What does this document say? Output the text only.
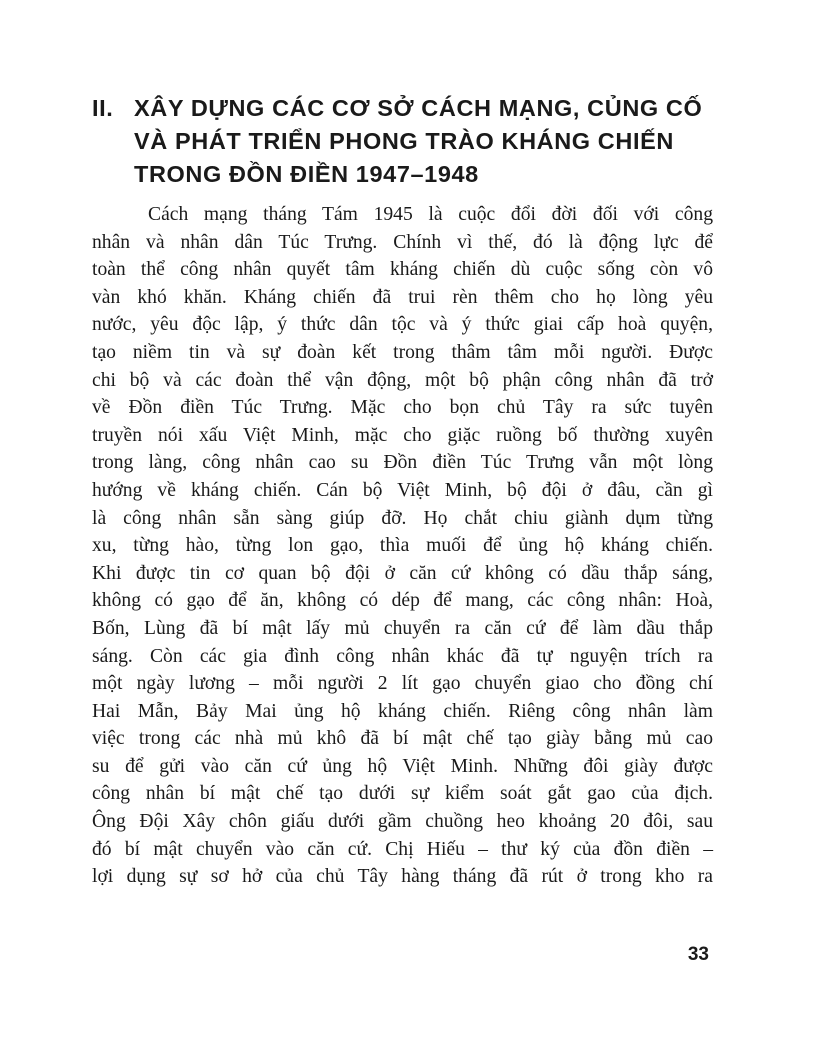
II. XÂY DỰNG CÁC CƠ SỞ CÁCH MẠNG, CỦNG CỐ
VÀ PHÁT TRIỂN PHONG TRÀO KHÁNG CHIẾN
TRONG ĐỒN ĐIỀN 1947–1948
Cách mạng tháng Tám 1945 là cuộc đổi đời đối với công
nhân và nhân dân Túc Trưng. Chính vì thế, đó là động lực để
toàn thể công nhân quyết tâm kháng chiến dù cuộc sống còn vô
vàn khó khăn. Kháng chiến đã trui rèn thêm cho họ lòng yêu
nước, yêu độc lập, ý thức dân tộc và ý thức giai cấp hoà quyện,
tạo niềm tin và sự đoàn kết trong thâm tâm mỗi người. Được
chi bộ và các đoàn thể vận động, một bộ phận công nhân đã trở
về Đồn điền Túc Trưng. Mặc cho bọn chủ Tây ra sức tuyên
truyền nói xấu Việt Minh, mặc cho giặc ruồng bố thường xuyên
trong làng, công nhân cao su Đồn điền Túc Trưng vẫn một lòng
hướng về kháng chiến. Cán bộ Việt Minh, bộ đội ở đâu, cần gì
là công nhân sẵn sàng giúp đỡ. Họ chắt chiu giành dụm từng
xu, từng hào, từng lon gạo, thìa muối để ủng hộ kháng chiến.
Khi được tin cơ quan bộ đội ở căn cứ không có dầu thắp sáng,
không có gạo để ăn, không có dép để mang, các công nhân: Hoà,
Bốn, Lùng đã bí mật lấy mủ chuyển ra căn cứ để làm dầu thắp
sáng. Còn các gia đình công nhân khác đã tự nguyện trích ra
một ngày lương – mỗi người 2 lít gạo chuyển giao cho đồng chí
Hai Mẫn, Bảy Mai ủng hộ kháng chiến. Riêng công nhân làm
việc trong các nhà mủ khô đã bí mật chế tạo giày bằng mủ cao
su để gửi vào căn cứ ủng hộ Việt Minh. Những đôi giày được
công nhân bí mật chế tạo dưới sự kiểm soát gắt gao của địch.
Ông Đội Xây chôn giấu dưới gầm chuồng heo khoảng 20 đôi, sau
đó bí mật chuyển vào căn cứ. Chị Hiếu – thư ký của đồn điền –
lợi dụng sự sơ hở của chủ Tây hàng tháng đã rút ở trong kho ra
33
